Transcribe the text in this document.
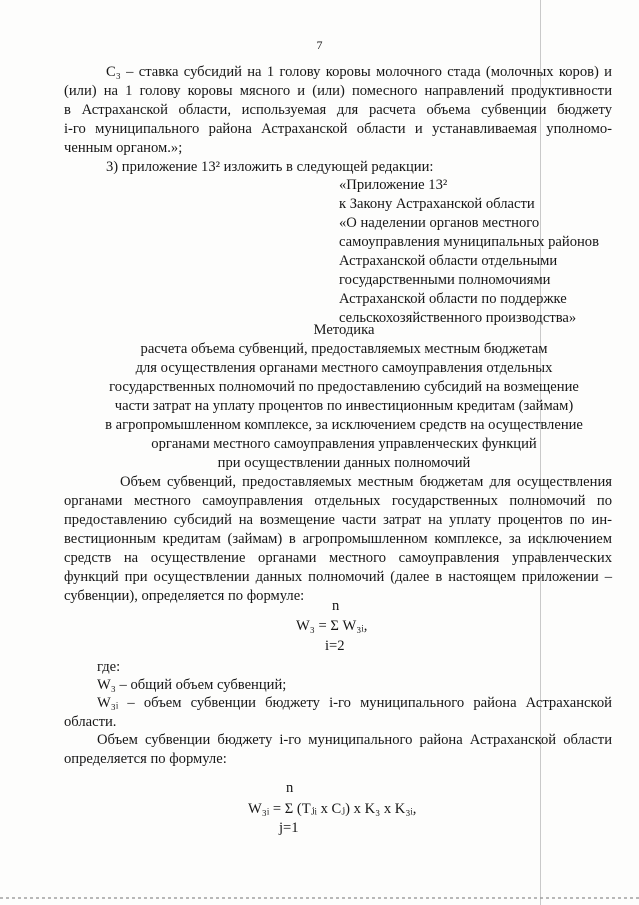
7
С₃ – ставка субсидий на 1 голову коровы молочного стада (молочных коров) и
(или) на 1 голову коровы мясного и (или) помесного направлений продуктивности
в Астраханской области, используемая для расчета объема субвенции бюджету
i-го муниципального района Астраханской области и устанавливаемая уполномо-
ченным органом.»;
3) приложение 13² изложить в следующей редакции:
«Приложение 13²
к Закону Астраханской области
«О наделении органов местного
самоуправления муниципальных районов
Астраханской области отдельными
государственными полномочиями
Астраханской области по поддержке
сельскохозяйственного производства»
Методика
расчета объема субвенций, предоставляемых местным бюджетам
для осуществления органами местного самоуправления отдельных
государственных полномочий по предоставлению субсидий на возмещение
части затрат на уплату процентов по инвестиционным кредитам (займам)
в агропромышленном комплексе, за исключением средств на осуществление
органами местного самоуправления управленческих функций
при осуществлении данных полномочий
Объем субвенций, предоставляемых местным бюджетам для осуществления
органами местного самоуправления отдельных государственных полномочий по
предоставлению субсидий на возмещение части затрат на уплату процентов по ин-
вестиционным кредитам (займам) в агропромышленном комплексе, за исключением
средств на осуществление органами местного самоуправления управленческих
функций при осуществлении данных полномочий (далее в настоящем приложении –
субвенции), определяется по формуле:
n
W₃ = Σ W₃ᵢ,
i=2
где:
W₃ – общий объем субвенций;
W₃ᵢ – объем субвенции бюджету i-го муниципального района Астраханской
области.
Объем субвенции бюджету i-го муниципального района Астраханской области
определяется по формуле:
n
W₃ᵢ = Σ (Tⱼᵢ x Cⱼ) x K₃ x K₃ᵢ,
j=1
